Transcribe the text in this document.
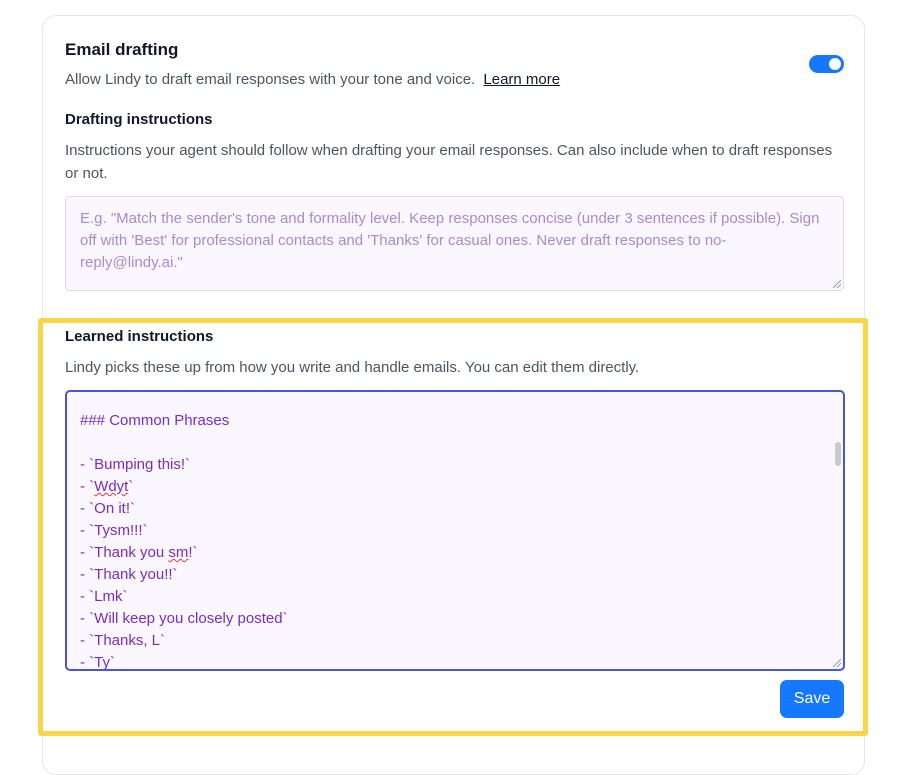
Email drafting
Allow Lindy to draft email responses with your tone and voice. Learn more
Drafting instructions
Instructions your agent should follow when drafting your email responses. Can also include when to draft responses or not.
E.g. "Match the sender's tone and formality level. Keep responses concise (under 3 sentences if possible). Sign off with 'Best' for professional contacts and 'Thanks' for casual ones. Never draft responses to no-reply@lindy.ai."
Learned instructions
Lindy picks these up from how you write and handle emails. You can edit them directly.
### Common Phrases

- `Bumping this!`
- `Wdyt`
- `On it!`
- `Tysm!!!`
- `Thank you sm!`
- `Thank you!!`
- `Lmk`
- `Will keep you closely posted`
- `Thanks, L`
- `Ty`
Save
